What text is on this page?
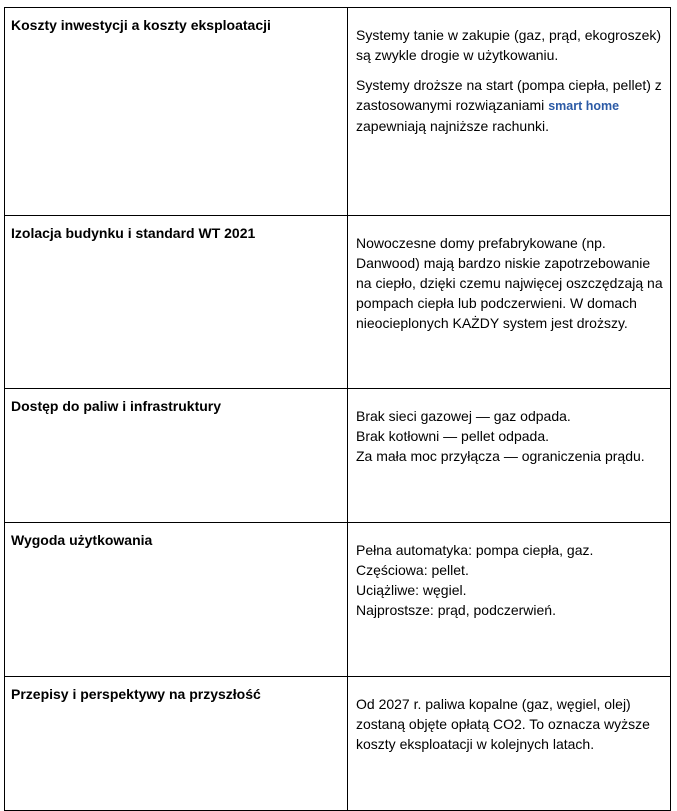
Koszty inwestycji a koszty eksploatacji	Systemy tanie w zakupie (gaz, prąd, ekogroszek) są zwykle drogie w użytkowaniu.

Systemy droższe na start (pompa ciepła, pellet) z zastosowanymi rozwiązaniami smart home zapewniają najniższe rachunki.

Izolacja budynku i standard WT 2021	Nowoczesne domy prefabrykowane (np. Danwood) mają bardzo niskie zapotrzebowanie na ciepło, dzięki czemu najwięcej oszczędzają na pompach ciepła lub podczerwieni. W domach nieocieplonych KAŻDY system jest droższy.

Dostęp do paliw i infrastruktury	Brak sieci gazowej — gaz odpada.
Brak kotłowni — pellet odpada.
Za mała moc przyłącza — ograniczenia prądu.

Wygoda użytkowania	Pełna automatyka: pompa ciepła, gaz.
Częściowa: pellet.
Uciążliwe: węgiel.
Najprostsze: prąd, podczerwień.

Przepisy i perspektywy na przyszłość	Od 2027 r. paliwa kopalne (gaz, węgiel, olej) zostaną objęte opłatą CO2. To oznacza wyższe koszty eksploatacji w kolejnych latach.
